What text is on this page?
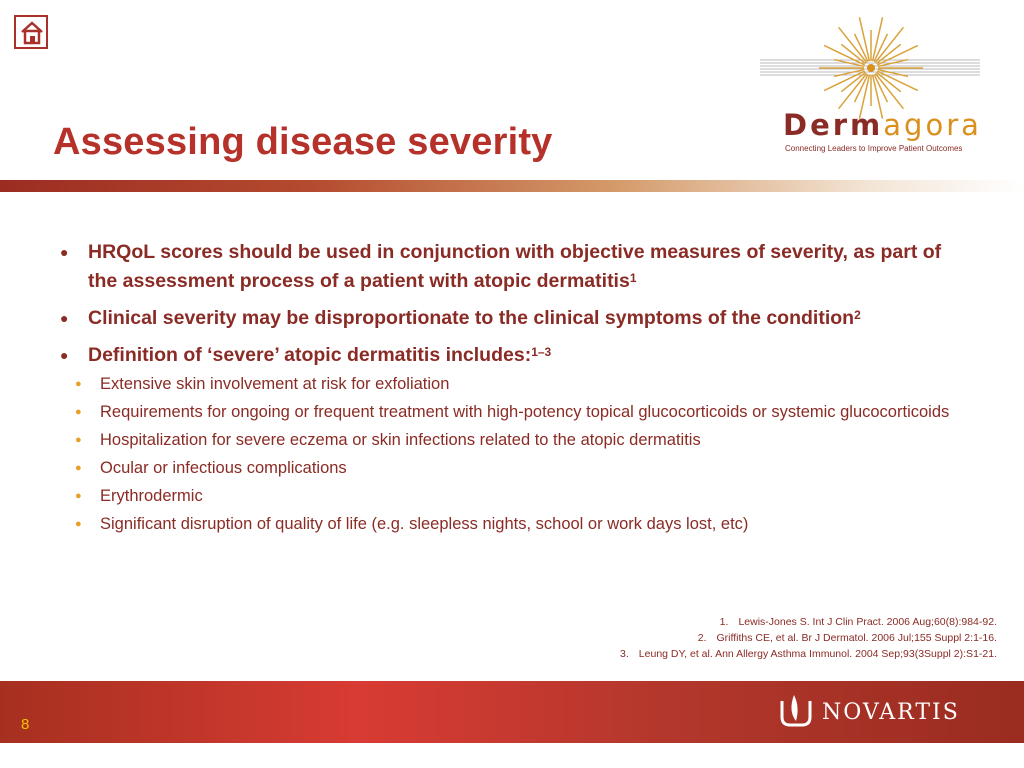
Dermagora
Connecting Leaders to Improve Patient Outcomes
Assessing disease severity
● HRQoL scores should be used in conjunction with objective measures of severity, as part of the assessment process of a patient with atopic dermatitis$^1$
● Clinical severity may be disproportionate to the clinical symptoms of the condition$^2$
● Definition of ‘severe’ atopic dermatitis includes:$^{1-3}$
● Extensive skin involvement at risk for exfoliation
● Requirements for ongoing or frequent treatment with high-potency topical glucocorticoids or systemic glucocorticoids
● Hospitalization for severe eczema or skin infections related to the atopic dermatitis
● Ocular or infectious complications
● Erythrodermic
● Significant disruption of quality of life (e.g. sleepless nights, school or work days lost, etc)
1. Lewis-Jones S. Int J Clin Pract. 2006 Aug;60(8):984-92.
2. Griffiths CE, et al. Br J Dermatol. 2006 Jul;155 Suppl 2:1-16.
3. Leung DY, et al. Ann Allergy Asthma Immunol. 2004 Sep;93(3Suppl 2):S1-21.
8	NOVARTIS
